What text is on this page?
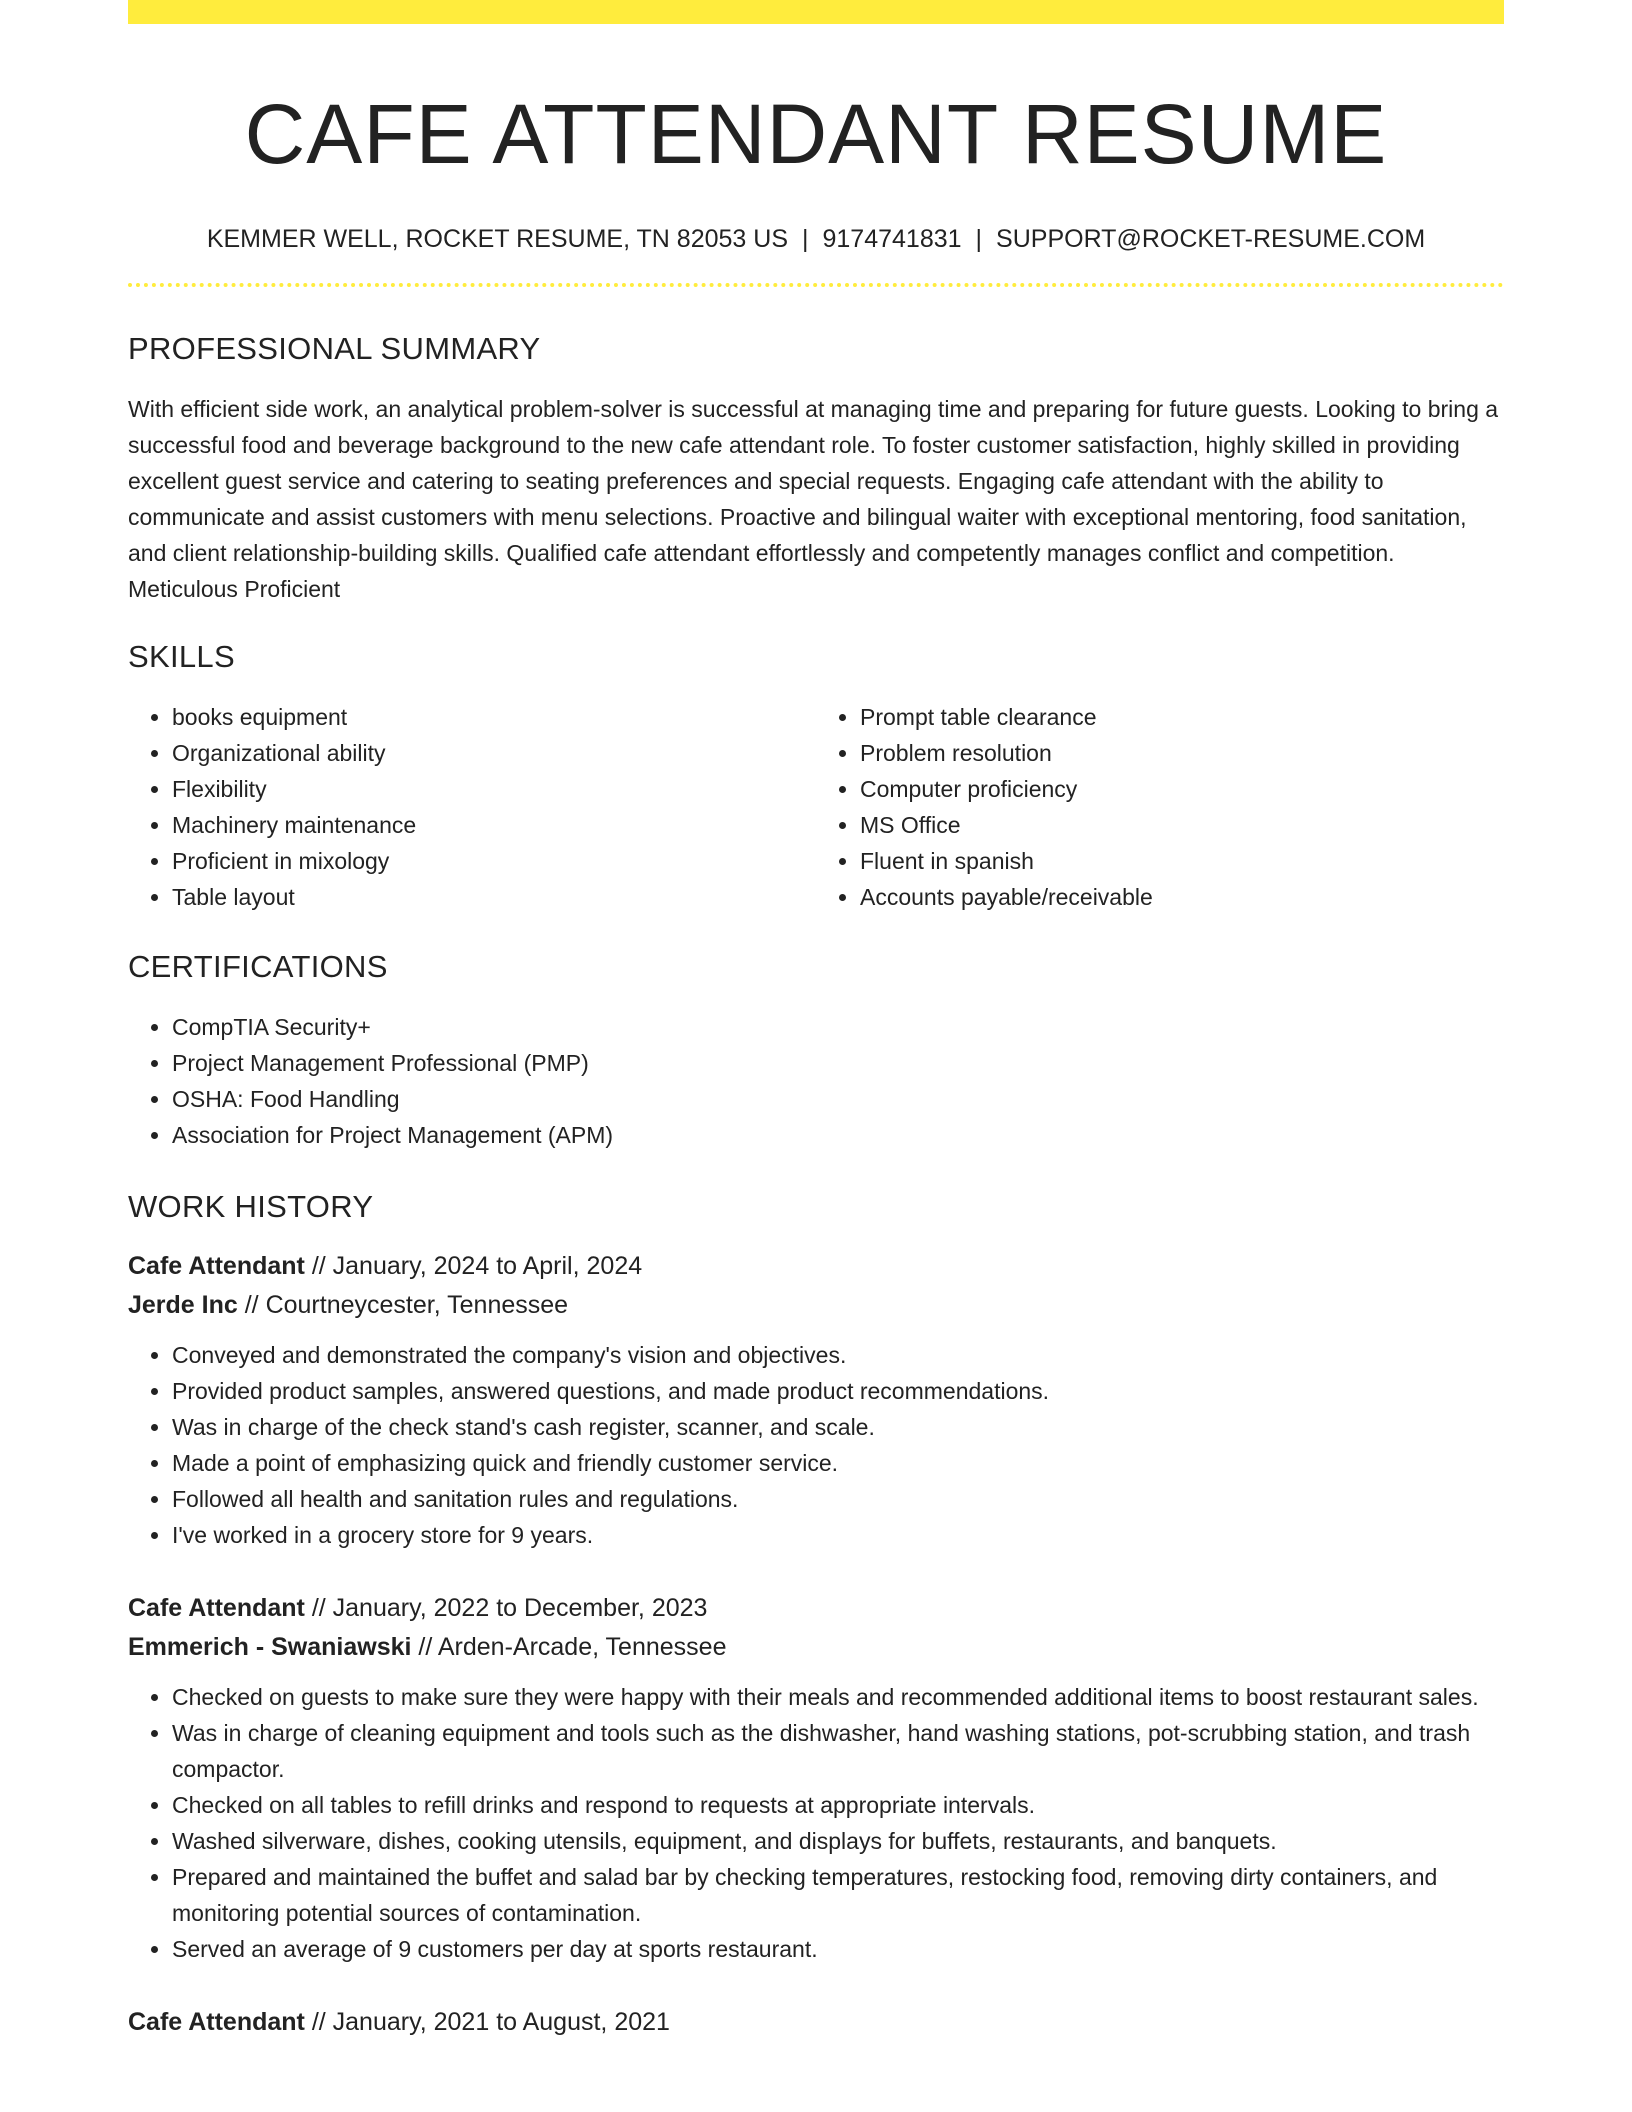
CAFE ATTENDANT RESUME
KEMMER WELL, ROCKET RESUME, TN 82053 US | 9174741831 | SUPPORT@ROCKET-RESUME.COM
PROFESSIONAL SUMMARY

With efficient side work, an analytical problem-solver is successful at managing time and preparing for future guests. Looking to bring a successful food and beverage background to the new cafe attendant role. To foster customer satisfaction, highly skilled in providing excellent guest service and catering to seating preferences and special requests. Engaging cafe attendant with the ability to communicate and assist customers with menu selections. Proactive and bilingual waiter with exceptional mentoring, food sanitation, and client relationship-building skills. Qualified cafe attendant effortlessly and competently manages conflict and competition. Meticulous Proficient

SKILLS
• books equipment
• Organizational ability
• Flexibility
• Machinery maintenance
• Proficient in mixology
• Table layout
• Prompt table clearance
• Problem resolution
• Computer proficiency
• MS Office
• Fluent in spanish
• Accounts payable/receivable
CERTIFICATIONS
• CompTIA Security+
• Project Management Professional (PMP)
• OSHA: Food Handling
• Association for Project Management (APM)
WORK HISTORY
Cafe Attendant // January, 2024 to April, 2024
Jerde Inc // Courtneycester, Tennessee
• Conveyed and demonstrated the company's vision and objectives.
• Provided product samples, answered questions, and made product recommendations.
• Was in charge of the check stand's cash register, scanner, and scale.
• Made a point of emphasizing quick and friendly customer service.
• Followed all health and sanitation rules and regulations.
• I've worked in a grocery store for 9 years.
Cafe Attendant // January, 2022 to December, 2023
Emmerich - Swaniawski // Arden-Arcade, Tennessee
• Checked on guests to make sure they were happy with their meals and recommended additional items to boost restaurant sales.
• Was in charge of cleaning equipment and tools such as the dishwasher, hand washing stations, pot-scrubbing station, and trash compactor.
• Checked on all tables to refill drinks and respond to requests at appropriate intervals.
• Washed silverware, dishes, cooking utensils, equipment, and displays for buffets, restaurants, and banquets.
• Prepared and maintained the buffet and salad bar by checking temperatures, restocking food, removing dirty containers, and monitoring potential sources of contamination.
• Served an average of 9 customers per day at sports restaurant.
Cafe Attendant // January, 2021 to August, 2021
